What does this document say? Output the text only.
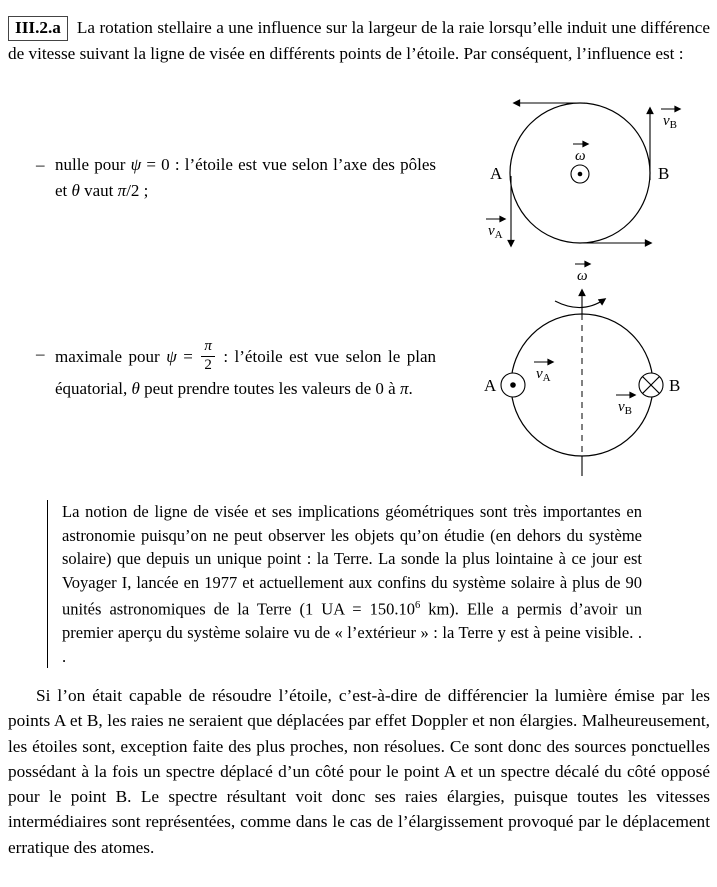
III.2.a La rotation stellaire a une influence sur la largeur de la raie lorsqu’elle induit une différence de vitesse suivant la ligne de visée en différents points de l’étoile. Par conséquent, l’influence est :
– nulle pour ψ = 0 : l’étoile est vue selon l’axe des pôles et θ vaut π/2 ;
– maximale pour $\psi = \frac{\pi}{2}$ : l’étoile est vue selon le plan équatorial, θ peut prendre toutes les valeurs de 0 à π.
ω
A	B
$v_B$
$v_A$
ω
A
$v_A$	B
$v_B$
La notion de ligne de visée et ses implications géométriques sont très importantes en astronomie puisqu’on ne peut observer les objets qu’on étudie (en dehors du système solaire) que depuis un unique point : la Terre. La sonde la plus lointaine à ce jour est Voyager I, lancée en 1977 et actuellement aux confins du système solaire à plus de 90 unités astronomiques de la Terre (1 UA = $150.10^6$ km). Elle a permis d’avoir un premier aperçu du système solaire vu de « l’extérieur » : la Terre y est à peine visible. . .
Si l’on était capable de résoudre l’étoile, c’est-à-dire de différencier la lumière émise par les points A et B, les raies ne seraient que déplacées par effet Doppler et non élargies. Malheureusement, les étoiles sont, exception faite des plus proches, non résolues. Ce sont donc des sources ponctuelles possédant à la fois un spectre déplacé d’un côté pour le point A et un spectre décalé du côté opposé pour le point B. Le spectre résultant voit donc ses raies élargies, puisque toutes les vitesses intermédiaires sont représentées, comme dans le cas de l’élargissement provoqué par le déplacement erratique des atomes.
